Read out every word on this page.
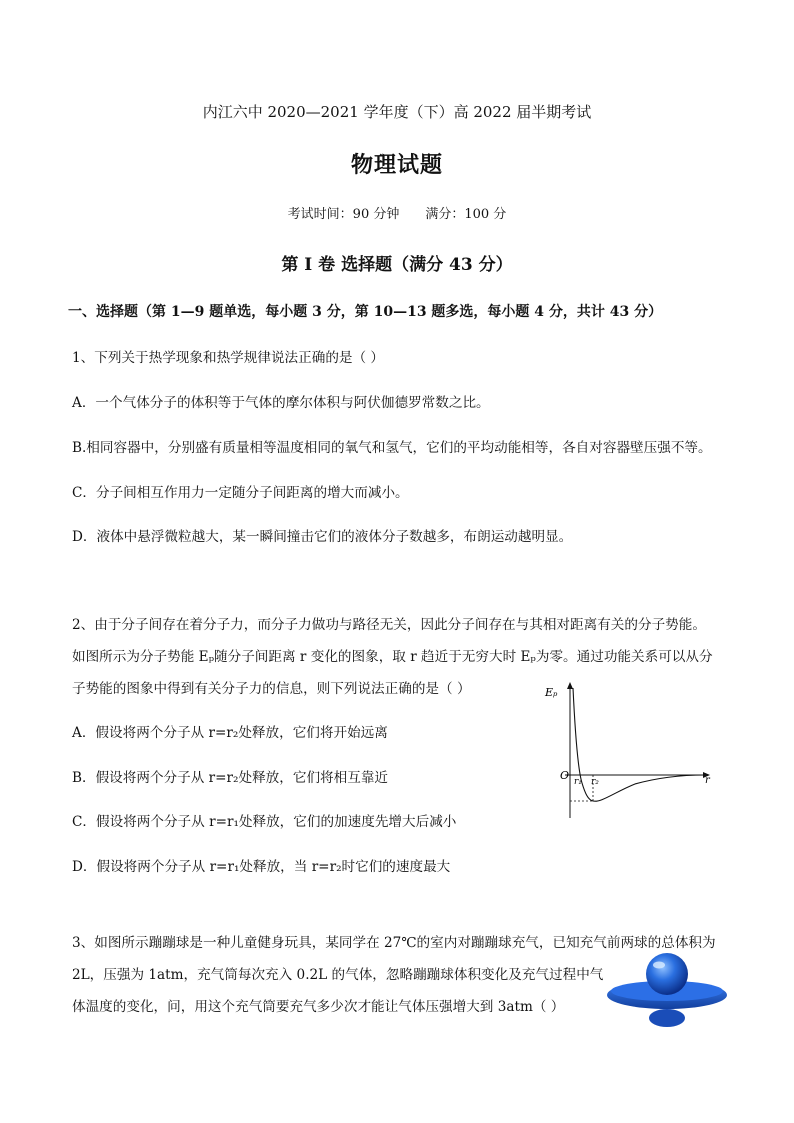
内江六中 2020—2021 学年度（下）高 2022 届半期考试
物理试题
考试时间：90 分钟 满分：100 分
第 I 卷 选择题（满分 43 分）
一、选择题（第 1—9 题单选，每小题 3 分，第 10—13 题多选，每小题 4 分，共计 43 分）
1、下列关于热学现象和热学规律说法正确的是（ ）
A．一个气体分子的体积等于气体的摩尔体积与阿伏伽德罗常数之比。
B.相同容器中，分别盛有质量相等温度相同的氧气和氢气，它们的平均动能相等，各自对容器壁压强不等。
C．分子间相互作用力一定随分子间距离的增大而减小。
D．液体中悬浮微粒越大，某一瞬间撞击它们的液体分子数越多，布朗运动越明显。
2、由于分子间存在着分子力，而分子力做功与路径无关，因此分子间存在与其相对距离有关的分子势能。
如图所示为分子势能 Eₚ随分子间距离 r 变化的图象，取 r 趋近于无穷大时 Eₚ为零。通过功能关系可以从分
子势能的图象中得到有关分子力的信息，则下列说法正确的是（ ）
A．假设将两个分子从 r=r₂处释放，它们将开始远离
B．假设将两个分子从 r=r₂处释放，它们将相互靠近
C．假设将两个分子从 r=r₁处释放，它们的加速度先增大后减小
D．假设将两个分子从 r=r₁处释放，当 r=r₂时它们的速度最大
Eₚ
O	r
r₁ r₂
3、如图所示蹦蹦球是一种儿童健身玩具，某同学在 27℃的室内对蹦蹦球充气，已知充气前两球的总体积为
2L，压强为 1atm，充气筒每次充入 0.2L 的气体，忽略蹦蹦球体积变化及充气过程中气
体温度的变化，问，用这个充气筒要充气多少次才能让气体压强增大到 3atm（ ）
